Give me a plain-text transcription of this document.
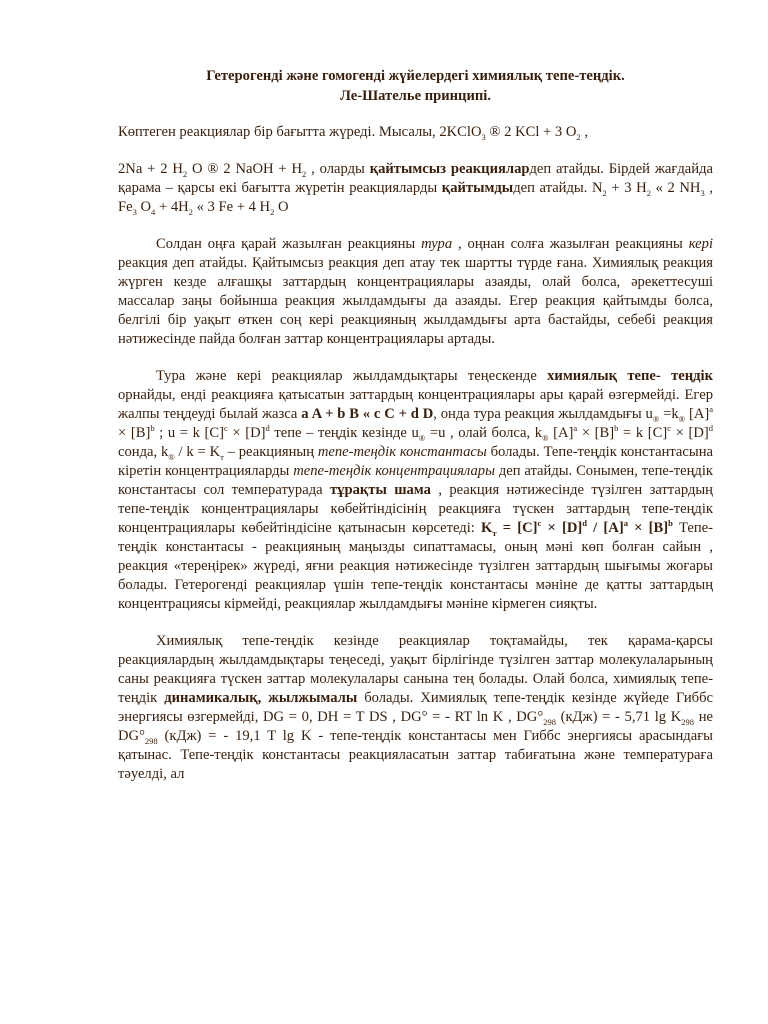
Гетерогенді және гомогенді жүйелердегі химиялық тепе-теңдік.
Ле-Шателье принципі.

Көптеген реакциялар бір бағытта жүреді. Мысалы, 2KClO$_3$ ® 2 KCl + 3 $O_2$ ,

2Na + 2 $H_2$ O ® 2 NaOH + $H_2$ , оларды қайтымсыз реакциялардеп атайды. Бірдей жағдайда қарама – қарсы екі бағытта жүретін реакцияларды қайтымдыдеп атайды. $N_2 + 3$ $H_2$ « 2 $NH_3$ , $Fe_3$ $O_4 + 4H_2$ « 3 Fe + 4 $H_2$ O

Солдан оңға қарай жазылған реакцияны тура , оңнан солға жазылған реакцияны кері реакция деп атайды. Қайтымсыз реакция деп атау тек шартты түрде ғана. Химиялық реакция жүрген кезде алғашқы заттардың концентрациялары азаяды, олай болса, әрекеттесуші массалар заңы бойынша реакция жылдамдығы да азаяды. Егер реакция қайтымды болса, белгілі бір уақыт өткен соң кері реакцияның жылдамдығы арта бастайды, себебі реакция нәтижесінде пайда болған заттар концентрациялары артады.

Тура және кері реакциялар жылдамдықтары теңескенде химиялық тепе- теңдік орнайды, енді реакцияға қатысатын заттардың концентрациялары ары қарай өзгермейді. Егер жалпы теңдеуді былай жазса a A + b B « c C + d D, онда тура реакция жылдамдығы $u_® =k_®$ $[A]^a \times [B]^b$ ; u = k $[C]^c \times [D]^d$ тепе – теңдік кезінде $u_® =u$ , олай болса, $k_®$ $[A]^a \times [B]^b = k$ $[C]^c \times [D]^d$ сонда, $k_® / k = K_т$ – реакцияның тепе-теңдік константасы болады. Тепе-теңдік константасына кіретін концентрацияларды тепе-теңдік концентрациялары деп атайды. Сонымен, тепе-теңдік константасы сол температурада тұрақты шама , реакция нәтижесінде түзілген заттардың тепе-теңдік концентрациялары көбейтіндісінің реакцияға түскен заттардың тепе-теңдік концентрациялары көбейтіндісіне қатынасын көрсетеді: $K_т = [C]^c \times [D]^d / [A]^a \times [B]^b$ Тепе-теңдік константасы - реакцияның маңызды сипаттамасы, оның мәні көп болған сайын , реакция «тереңірек» жүреді, яғни реакция нәтижесінде түзілген заттардың шығымы жоғары болады. Гетерогенді реакциялар үшін тепе-теңдік константасы мәніне де қатты заттардың концентрациясы кірмейді, реакциялар жылдамдығы мәніне кірмеген сияқты.

Химиялық тепе-теңдік кезінде реакциялар тоқтамайды, тек қарама-қарсы реакциялардың жылдамдықтары теңеседі, уақыт бірлігінде түзілген заттар молекулаларының саны реакцияға түскен заттар молекулалары санына тең болады. Олай болса, химиялық тепе-теңдік динамикалық, жылжымалы болады. Химиялық тепе-теңдік кезінде жүйеде Гиббс энергиясы өзгермейді, DG = 0, DH = T DS , DG° = - RT ln K , $DG^\circ_{298}$ (кДж) = - 5,71 $\lg K_{298}$ не $DG^\circ_{298}$ (кДж) = - 19,1 T lg K - тепе-теңдік константасы мен Гиббс энергиясы арасындағы қатынас. Тепе-теңдік константасы реакцияласатын заттар табиғатына және температураға тәуелді, ал
